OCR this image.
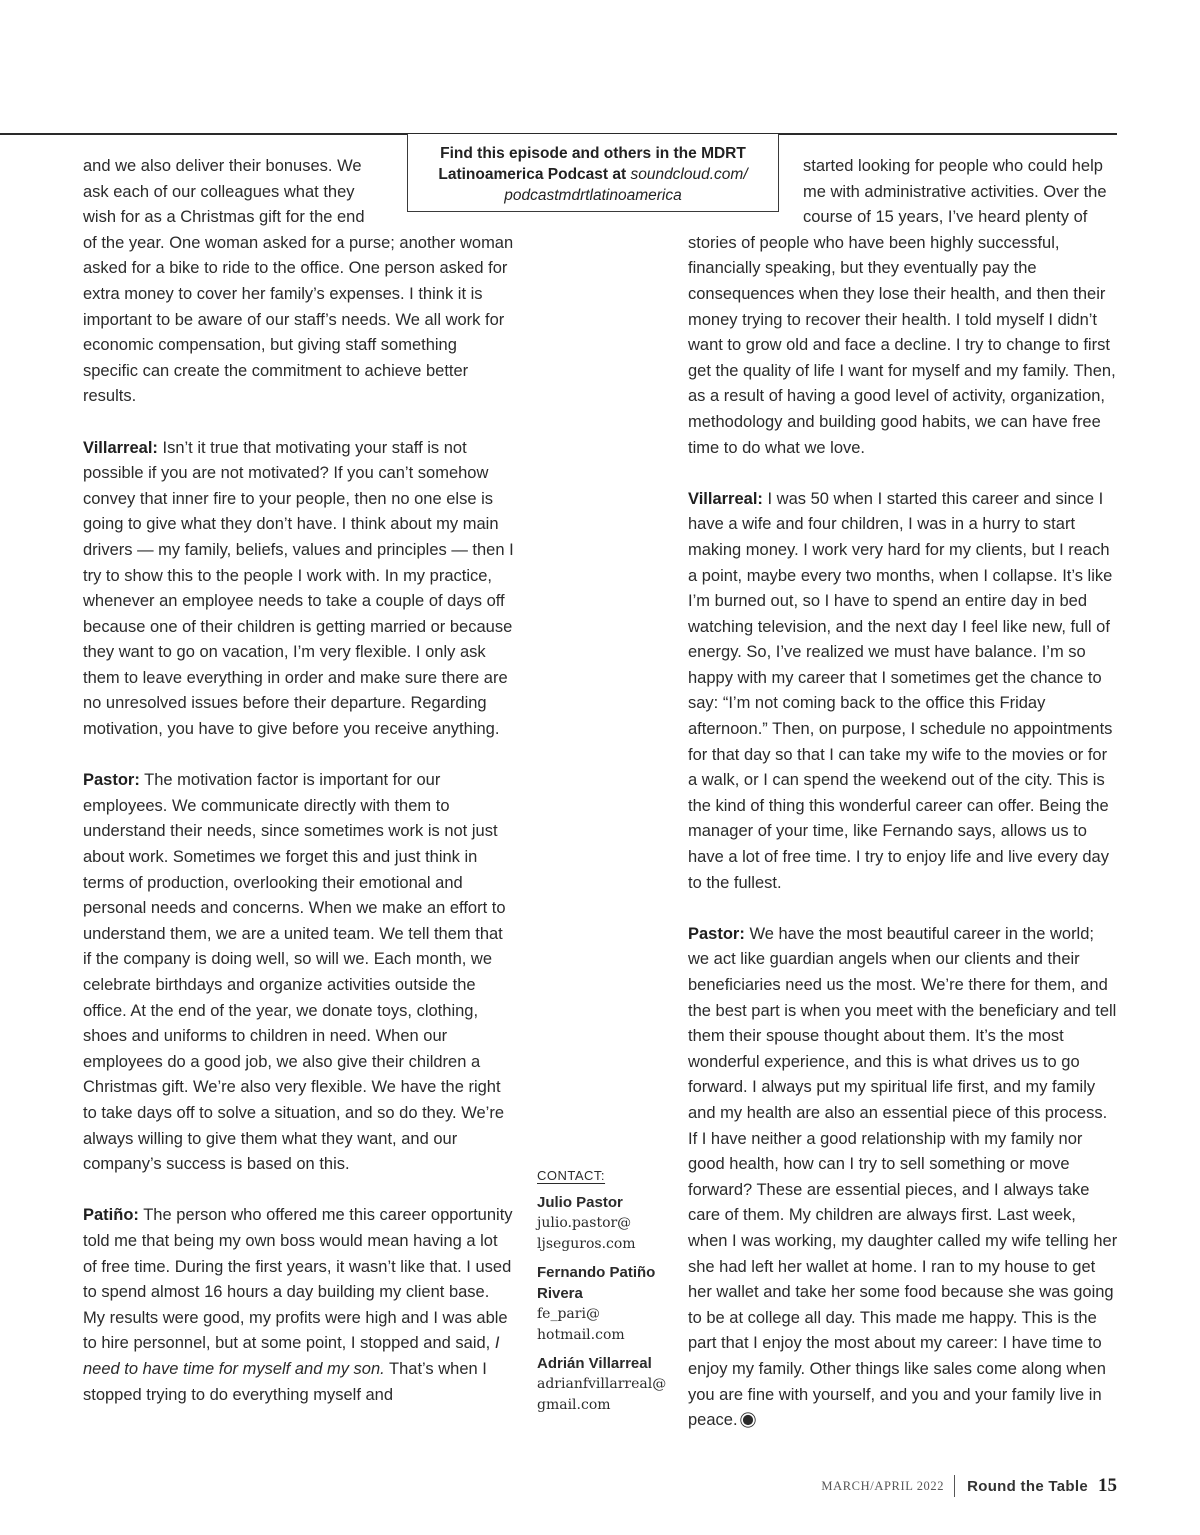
and we also deliver their bonuses. We ask each of our colleagues what they wish for as a Christmas gift for the end of the year. One woman asked for a purse; another woman asked for a bike to ride to the office. One person asked for extra money to cover her family’s expenses. I think it is important to be aware of our staff’s needs. We all work for economic compensation, but giving staff something specific can create the commitment to achieve better results.

Villarreal: Isn’t it true that motivating your staff is not possible if you are not motivated? If you can’t somehow convey that inner fire to your people, then no one else is going to give what they don’t have. I think about my main drivers — my family, beliefs, values and principles — then I try to show this to the people I work with. In my practice, whenever an employee needs to take a couple of days off because one of their children is getting married or because they want to go on vacation, I’m very flexible. I only ask them to leave everything in order and make sure there are no unresolved issues before their departure. Regarding motivation, you have to give before you receive anything.

Pastor: The motivation factor is important for our employees. We communicate directly with them to understand their needs, since sometimes work is not just about work. Sometimes we forget this and just think in terms of production, overlooking their emotional and personal needs and concerns. When we make an effort to understand them, we are a united team. We tell them that if the company is doing well, so will we. Each month, we celebrate birthdays and organize activities outside the office. At the end of the year, we donate toys, clothing, shoes and uniforms to children in need. When our employees do a good job, we also give their children a Christmas gift. We’re also very flexible. We have the right to take days off to solve a situation, and so do they. We’re always willing to give them what they want, and our company’s success is based on this.

Patiño: The person who offered me this career opportunity told me that being my own boss would mean having a lot of free time. During the first years, it wasn’t like that. I used to spend almost 16 hours a day building my client base. My results were good, my profits were high and I was able to hire personnel, but at some point, I stopped and said, I need to have time for myself and my son. That’s when I stopped trying to do everything myself and

Find this episode and others in the MDRT
Latinoamerica Podcast at soundcloud.com/
podcastmdrtlatinoamerica

started looking for people who could help me with administrative activities. Over the course of 15 years, I’ve heard plenty of stories of people who have been highly successful, financially speaking, but they eventually pay the consequences when they lose their health, and then their money trying to recover their health. I told myself I didn’t want to grow old and face a decline. I try to change to first get the quality of life I want for myself and my family. Then, as a result of having a good level of activity, organization, methodology and building good habits, we can have free time to do what we love.

Villarreal: I was 50 when I started this career and since I have a wife and four children, I was in a hurry to start making money. I work very hard for my clients, but I reach a point, maybe every two months, when I collapse. It’s like I’m burned out, so I have to spend an entire day in bed watching television, and the next day I feel like new, full of energy. So, I’ve realized we must have balance. I’m so happy with my career that I sometimes get the chance to say: “I’m not coming back to the office this Friday afternoon.” Then, on purpose, I schedule no appointments for that day so that I can take my wife to the movies or for a walk, or I can spend the weekend out of the city. This is the kind of thing this wonderful career can offer. Being the manager of your time, like Fernando says, allows us to have a lot of free time. I try to enjoy life and live every day to the fullest.

Pastor: We have the most beautiful career in the world; we act like guardian angels when our clients and their beneficiaries need us the most. We’re there for them, and the best part is when you meet with the beneficiary and tell them their spouse thought about them. It’s the most wonderful experience, and this is what drives us to go forward. I always put my spiritual life first, and my family and my health are also an essential piece of this process. If I have neither a good relationship with my family nor good health, how can I try to sell something or move forward? These are essential pieces, and I always take care of them. My children are always first. Last week, when I was working, my daughter called my wife telling her she had left her wallet at home. I ran to my house to get her wallet and take her some food because she was going to be at college all day. This made me happy. This is the part that I enjoy the most about my career: I have time to enjoy my family. Other things like sales come along when you are fine with yourself, and you and your family live in peace.

CONTACT:
Julio Pastor
julio.pastor@
ljseguros.com
Fernando Patiño Rivera
fe_pari@
hotmail.com
Adrián Villarreal
adrianfvillarreal@
gmail.com
MARCH/APRIL 2022 Round the Table 15
